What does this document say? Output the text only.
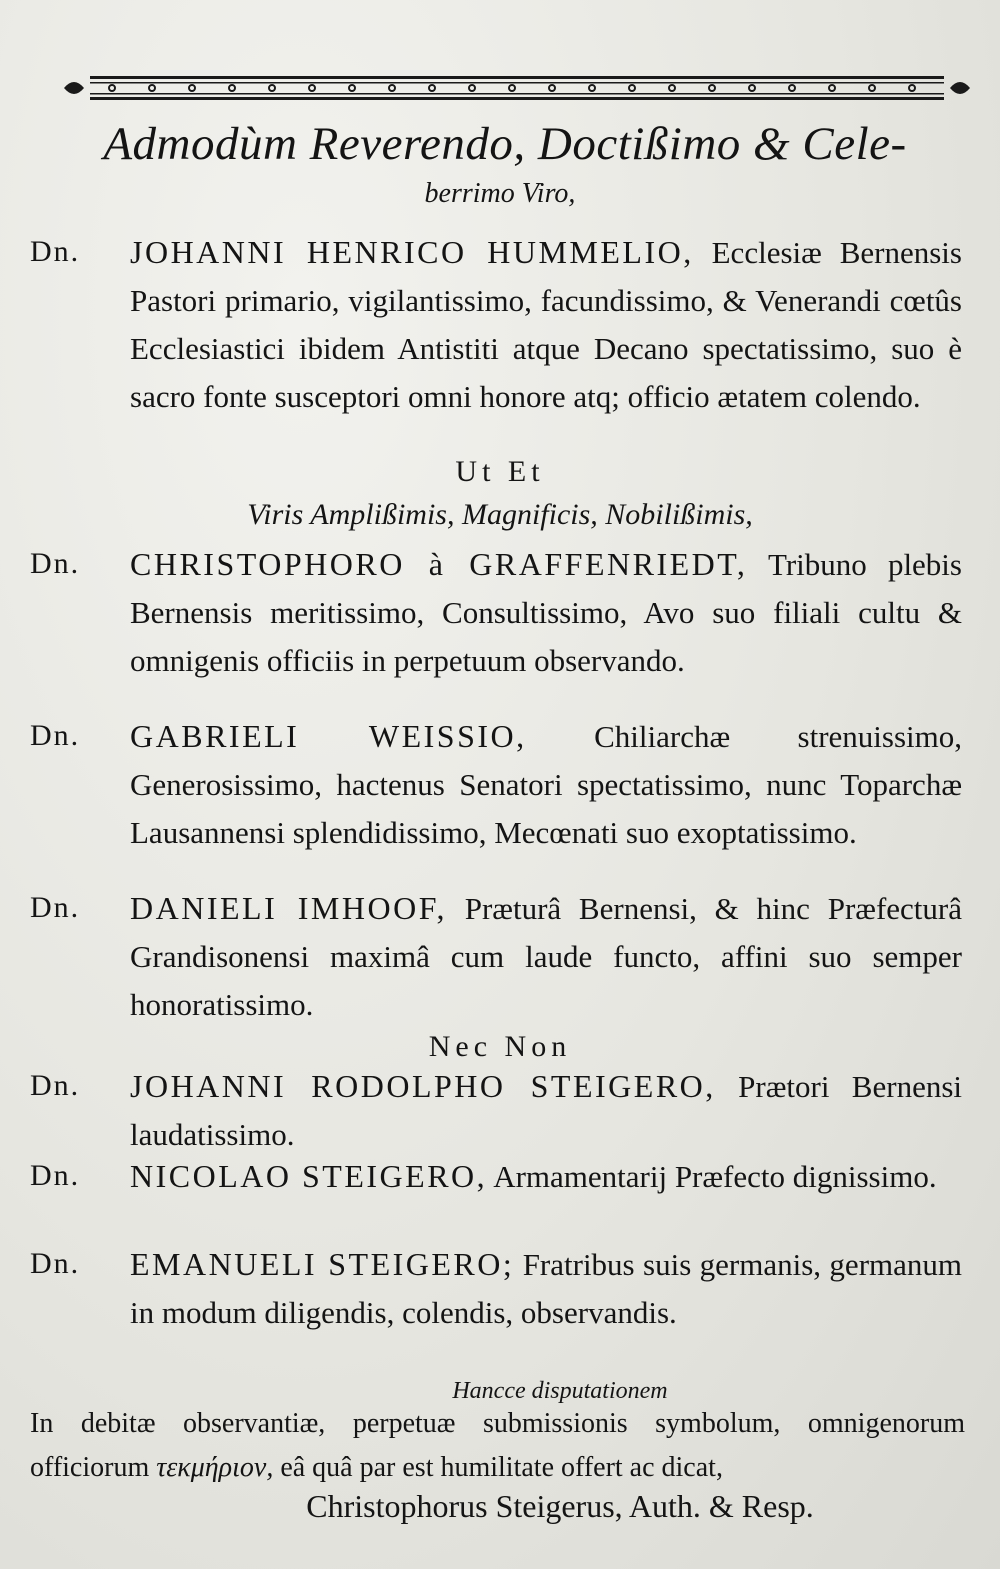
Admodùm Reverendo, Doctißimo & Cele-
berrimo Viro,
Dn. JOHANNI HENRICO HUMMELIO, Ecclesiæ Bernensis Pastori primario, vigilantissimo, facundissimo, & Venerandi cœtûs Ecclesiastici ibidem Antistiti atque Decano spectatissimo, suo è sacro fonte susceptori omni honore atq; officio ætatem colendo.
Ut Et
Viris Amplißimis, Magnificis, Nobilißimis,
Dn. CHRISTOPHORO à GRAFFENRIEDT, Tribuno plebis Bernensis meritissimo, Consultissimo, Avo suo filiali cultu & omnigenis officiis in perpetuum observando.
Dn. GABRIELI WEISSIO, Chiliarchæ strenuissimo, Generosissimo, hactenus Senatori spectatissimo, nunc Toparchæ Lausannensi splendidissimo, Mecœnati suo exoptatissimo.
Dn. DANIELI IMHOOF, Præturâ Bernensi, & hinc Præfecturâ Grandisonensi maximâ cum laude functo, affini suo semper honoratissimo.
Nec Non
Dn. JOHANNI RODOLPHO STEIGERO, Prætori Bernensi laudatissimo.
Dn. NICOLAO STEIGERO, Armamentarij Præfecto dignissimo.
Dn. EMANUELI STEIGERO; Fratribus suis germanis, germanum in modum diligendis, colendis, observandis.
Hancce disputationem
In debitæ observantiæ, perpetuæ submissionis symbolum, omnigenorum officiorum τεκμήριον, eâ quâ par est humilitate offert ac dicat,
Christophorus Steigerus, Auth. & Resp.
